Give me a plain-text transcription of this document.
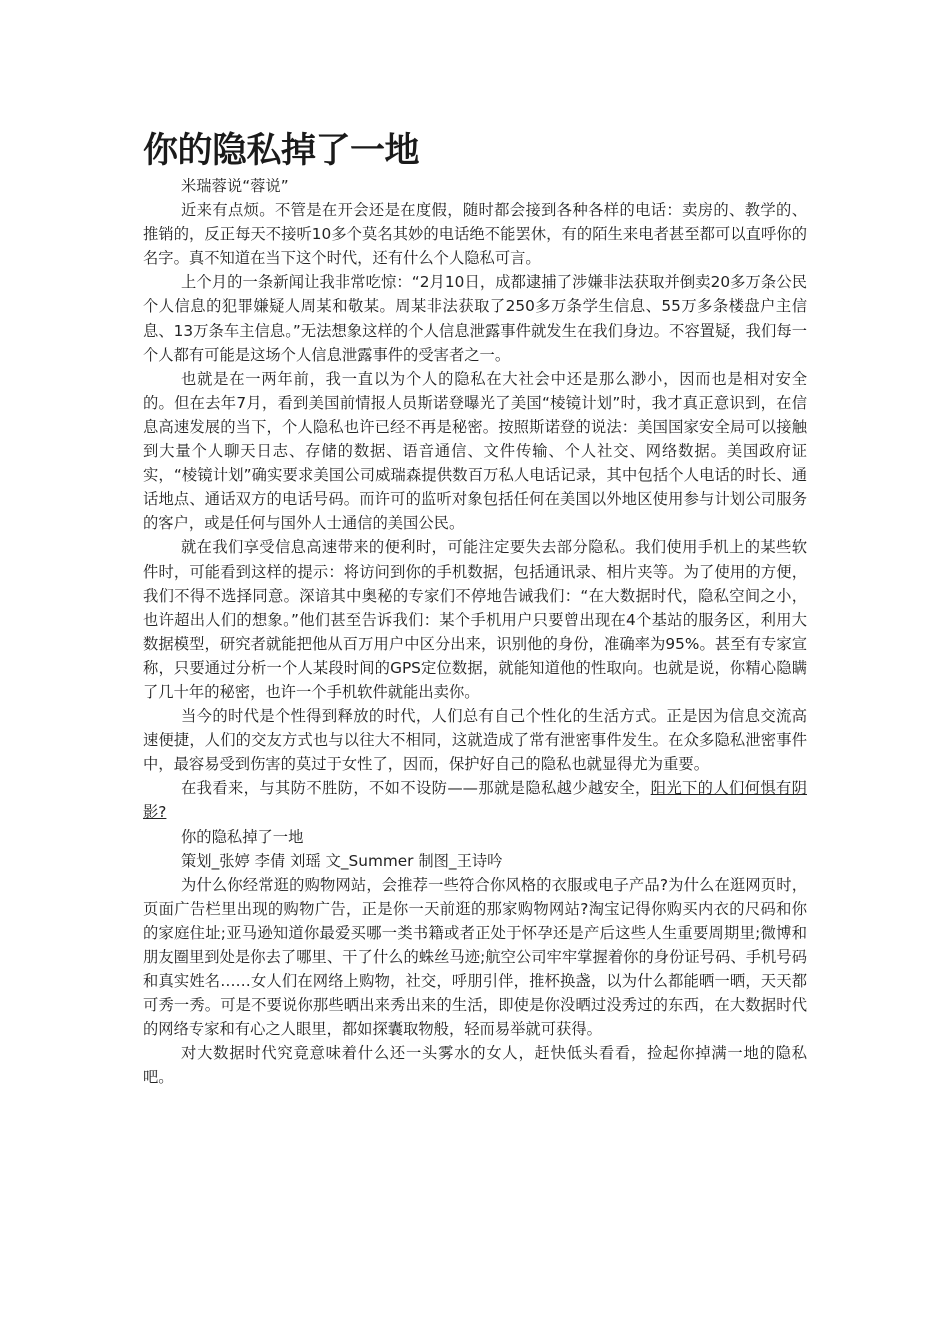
你的隐私掉了一地

米瑞蓉说“蓉说”

近来有点烦。不管是在开会还是在度假，随时都会接到各种各样的电话：卖房的、教学的、推销的，反正每天不接听10多个莫名其妙的电话绝不能罢休，有的陌生来电者甚至都可以直呼你的名字。真不知道在当下这个时代，还有什么个人隐私可言。

上个月的一条新闻让我非常吃惊：“2月10日，成都逮捕了涉嫌非法获取并倒卖20多万条公民个人信息的犯罪嫌疑人周某和敬某。周某非法获取了250多万条学生信息、55万多条楼盘户主信息、13万条车主信息。”无法想象这样的个人信息泄露事件就发生在我们身边。不容置疑，我们每一个人都有可能是这场个人信息泄露事件的受害者之一。

也就是在一两年前，我一直以为个人的隐私在大社会中还是那么渺小，因而也是相对安全的。但在去年7月，看到美国前情报人员斯诺登曝光了美国“棱镜计划”时，我才真正意识到，在信息高速发展的当下，个人隐私也许已经不再是秘密。按照斯诺登的说法：美国国家安全局可以接触到大量个人聊天日志、存储的数据、语音通信、文件传输、个人社交、网络数据。美国政府证实，“棱镜计划”确实要求美国公司威瑞森提供数百万私人电话记录，其中包括个人电话的时长、通话地点、通话双方的电话号码。而许可的监听对象包括任何在美国以外地区使用参与计划公司服务的客户，或是任何与国外人士通信的美国公民。

就在我们享受信息高速带来的便利时，可能注定要失去部分隐私。我们使用手机上的某些软件时，可能看到这样的提示：将访问到你的手机数据，包括通讯录、相片夹等。为了使用的方便，我们不得不选择同意。深谙其中奥秘的专家们不停地告诫我们：“在大数据时代，隐私空间之小，也许超出人们的想象。”他们甚至告诉我们：某个手机用户只要曾出现在4个基站的服务区，利用大数据模型，研究者就能把他从百万用户中区分出来，识别他的身份，准确率为95%。甚至有专家宣称，只要通过分析一个人某段时间的GPS定位数据，就能知道他的性取向。也就是说，你精心隐瞒了几十年的秘密，也许一个手机软件就能出卖你。

当今的时代是个性得到释放的时代，人们总有自己个性化的生活方式。正是因为信息交流高速便捷，人们的交友方式也与以往大不相同，这就造成了常有泄密事件发生。在众多隐私泄密事件中，最容易受到伤害的莫过于女性了，因而，保护好自己的隐私也就显得尤为重要。

在我看来，与其防不胜防，不如不设防——那就是隐私越少越安全，阳光下的人们何惧有阴影?

你的隐私掉了一地

策划_张婷 李倩 刘瑶 文_Summer 制图_王诗吟

为什么你经常逛的购物网站，会推荐一些符合你风格的衣服或电子产品?为什么在逛网页时，页面广告栏里出现的购物广告，正是你一天前逛的那家购物网站?淘宝记得你购买内衣的尺码和你的家庭住址;亚马逊知道你最爱买哪一类书籍或者正处于怀孕还是产后这些人生重要周期里;微博和朋友圈里到处是你去了哪里、干了什么的蛛丝马迹;航空公司牢牢掌握着你的身份证号码、手机号码和真实姓名……女人们在网络上购物，社交，呼朋引伴，推杯换盏，以为什么都能晒一晒，天天都可秀一秀。可是不要说你那些晒出来秀出来的生活，即使是你没晒过没秀过的东西，在大数据时代的网络专家和有心之人眼里，都如探囊取物般，轻而易举就可获得。

对大数据时代究竟意味着什么还一头雾水的女人，赶快低头看看，捡起你掉满一地的隐私吧。
